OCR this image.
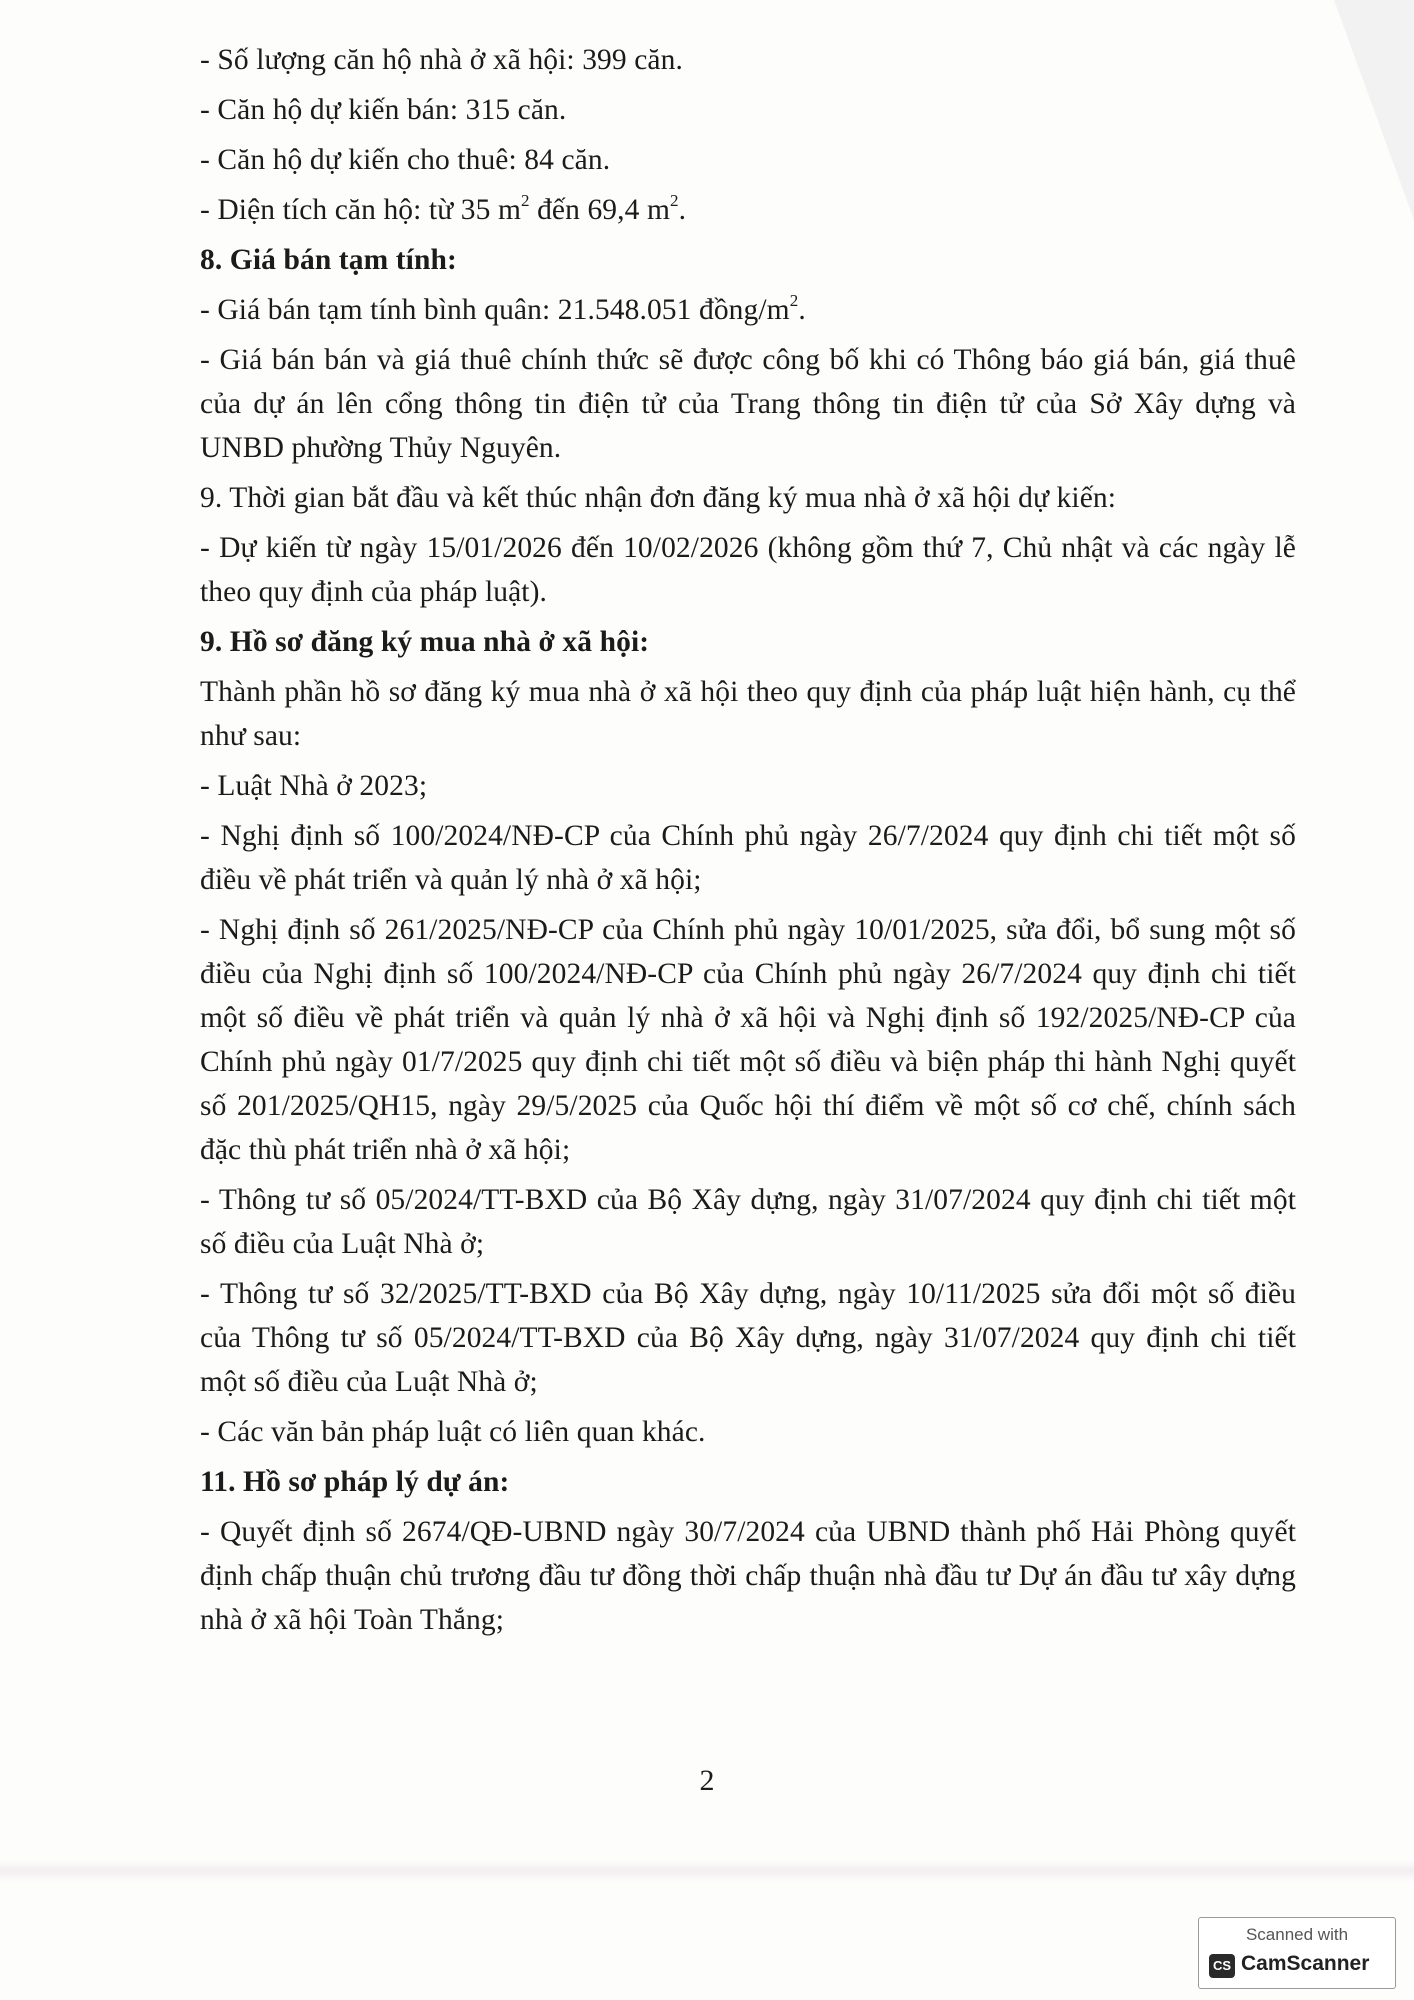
- Số lượng căn hộ nhà ở xã hội: 399 căn.

- Căn hộ dự kiến bán: 315 căn.

- Căn hộ dự kiến cho thuê: 84 căn.

- Diện tích căn hộ: từ 35 $m^2$ đến 69,4 $m^2$.

8. Giá bán tạm tính:

- Giá bán tạm tính bình quân: 21.548.051 đồng/$m^2$.

- Giá bán bán và giá thuê chính thức sẽ được công bố khi có Thông báo giá bán, giá thuê của dự án lên cổng thông tin điện tử của Trang thông tin điện tử của Sở Xây dựng và UNBD phường Thủy Nguyên.

9. Thời gian bắt đầu và kết thúc nhận đơn đăng ký mua nhà ở xã hội dự kiến:

- Dự kiến từ ngày 15/01/2026 đến 10/02/2026 (không gồm thứ 7, Chủ nhật và các ngày lễ theo quy định của pháp luật).

9. Hồ sơ đăng ký mua nhà ở xã hội:

Thành phần hồ sơ đăng ký mua nhà ở xã hội theo quy định của pháp luật hiện hành, cụ thể như sau:

- Luật Nhà ở 2023;

- Nghị định số 100/2024/NĐ-CP của Chính phủ ngày 26/7/2024 quy định chi tiết một số điều về phát triển và quản lý nhà ở xã hội;

- Nghị định số 261/2025/NĐ-CP của Chính phủ ngày 10/01/2025, sửa đổi, bổ sung một số điều của Nghị định số 100/2024/NĐ-CP của Chính phủ ngày 26/7/2024 quy định chi tiết một số điều về phát triển và quản lý nhà ở xã hội và Nghị định số 192/2025/NĐ-CP của Chính phủ ngày 01/7/2025 quy định chi tiết một số điều và biện pháp thi hành Nghị quyết số 201/2025/QH15, ngày 29/5/2025 của Quốc hội thí điểm về một số cơ chế, chính sách đặc thù phát triển nhà ở xã hội;

- Thông tư số 05/2024/TT-BXD của Bộ Xây dựng, ngày 31/07/2024 quy định chi tiết một số điều của Luật Nhà ở;

- Thông tư số 32/2025/TT-BXD của Bộ Xây dựng, ngày 10/11/2025 sửa đổi một số điều của Thông tư số 05/2024/TT-BXD của Bộ Xây dựng, ngày 31/07/2024 quy định chi tiết một số điều của Luật Nhà ở;

- Các văn bản pháp luật có liên quan khác.

11. Hồ sơ pháp lý dự án:

- Quyết định số 2674/QĐ-UBND ngày 30/7/2024 của UBND thành phố Hải Phòng quyết định chấp thuận chủ trương đầu tư đồng thời chấp thuận nhà đầu tư Dự án đầu tư xây dựng nhà ở xã hội Toàn Thắng;

2
Scanned with
CS CamScanner
